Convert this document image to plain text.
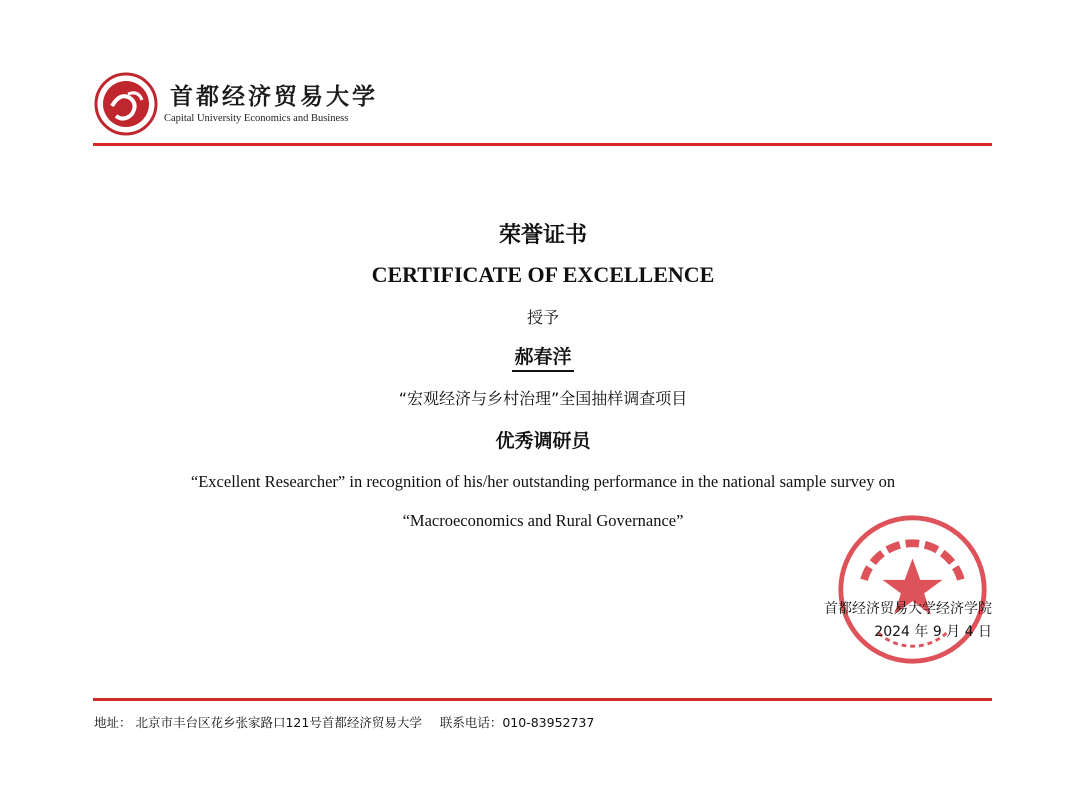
首都经济贸易大学
Capital University Economics and Business
荣誉证书
CERTIFICATE OF EXCELLENCE
授予
郝春洋
“宏观经济与乡村治理”全国抽样调查项目
优秀调研员
“Excellent Researcher” in recognition of his/her outstanding performance in the national sample survey on
“Macroeconomics and Rural Governance”
首都经济贸易大学经济学院
2024 年 9 月 4 日
地址： 北京市丰台区花乡张家路口121号首都经济贸易大学 联系电话：010-83952737
